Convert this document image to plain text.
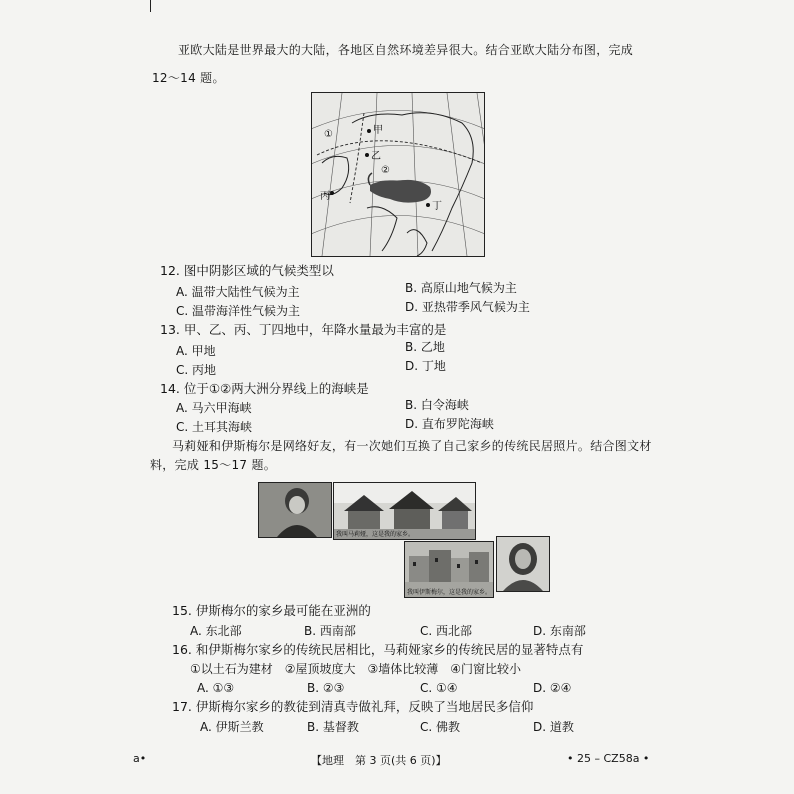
亚欧大陆是世界最大的大陆，各地区自然环境差异很大。结合亚欧大陆分布图，完成
12～14 题。
①	甲
乙
②
丙
丁
12. 图中阴影区域的气候类型以
A. 温带大陆性气候为主	B. 高原山地气候为主
C. 温带海洋性气候为主	D. 亚热带季风气候为主
13. 甲、乙、丙、丁四地中，年降水量最为丰富的是
A. 甲地	B. 乙地
C. 丙地	D. 丁地
14. 位于①②两大洲分界线上的海峡是
A. 马六甲海峡	B. 白令海峡
C. 土耳其海峡	D. 直布罗陀海峡
马莉娅和伊斯梅尔是网络好友，有一次她们互换了自己家乡的传统民居照片。结合图文材
料，完成 15～17 题。
我叫马莉娅，这是我的家乡。
我叫伊斯梅尔，这是我的家乡。
15. 伊斯梅尔的家乡最可能在亚洲的
A. 东北部	B. 西南部	C. 西北部	D. 东南部
16. 和伊斯梅尔家乡的传统民居相比，马莉娅家乡的传统民居的显著特点有
①以土石为建材　②屋顶坡度大　③墙体比较薄　④门窗比较小
A. ①③	B. ②③	C. ①④	D. ②④
17. 伊斯梅尔家乡的教徒到清真寺做礼拜，反映了当地居民多信仰
A. 伊斯兰教	B. 基督教	C. 佛教	D. 道教
a•	【地理　第 3 页(共 6 页)】	• 25 – CZ58a •
